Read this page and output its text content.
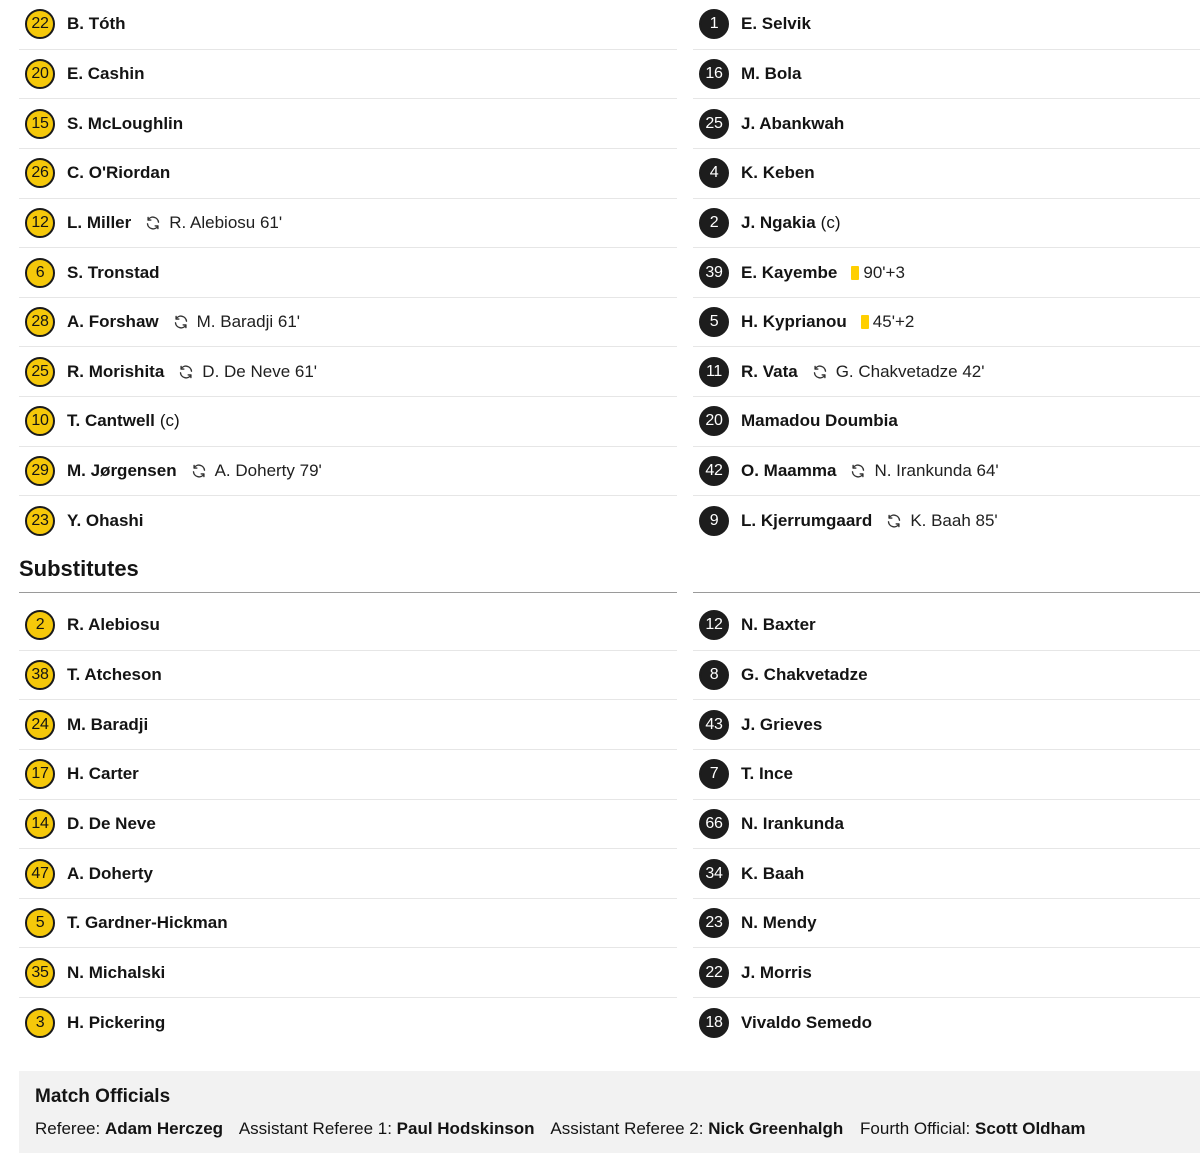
22	B. Tóth
20	E. Cashin
15	S. McLoughlin
26	C. O'Riordan
12	L. Miller R. Alebiosu 61'
6	S. Tronstad
28	A. Forshaw M. Baradji 61'
25	R. Morishita D. De Neve 61'
10	T. Cantwell (c)
29	M. Jørgensen A. Doherty 79'
23	Y. Ohashi
1	E. Selvik
16	M. Bola
25	J. Abankwah
4	K. Keben
2	J. Ngakia (c)
39	E. Kayembe 90'+3
5	H. Kyprianou 45'+2
11	R. Vata G. Chakvetadze 42'
20	Mamadou Doumbia
42	O. Maamma N. Irankunda 64'
9	L. Kjerrumgaard K. Baah 85'
Substitutes
2	R. Alebiosu
38	T. Atcheson
24	M. Baradji
17	H. Carter
14	D. De Neve
47	A. Doherty
5	T. Gardner-Hickman
35	N. Michalski
3	H. Pickering
12	N. Baxter
8	G. Chakvetadze
43	J. Grieves
7	T. Ince
66	N. Irankunda
34	K. Baah
23	N. Mendy
22	J. Morris
18	Vivaldo Semedo
Match Officials
Referee: Adam Herczeg Assistant Referee 1: Paul Hodskinson Assistant Referee 2: Nick Greenhalgh Fourth Official: Scott Oldham
